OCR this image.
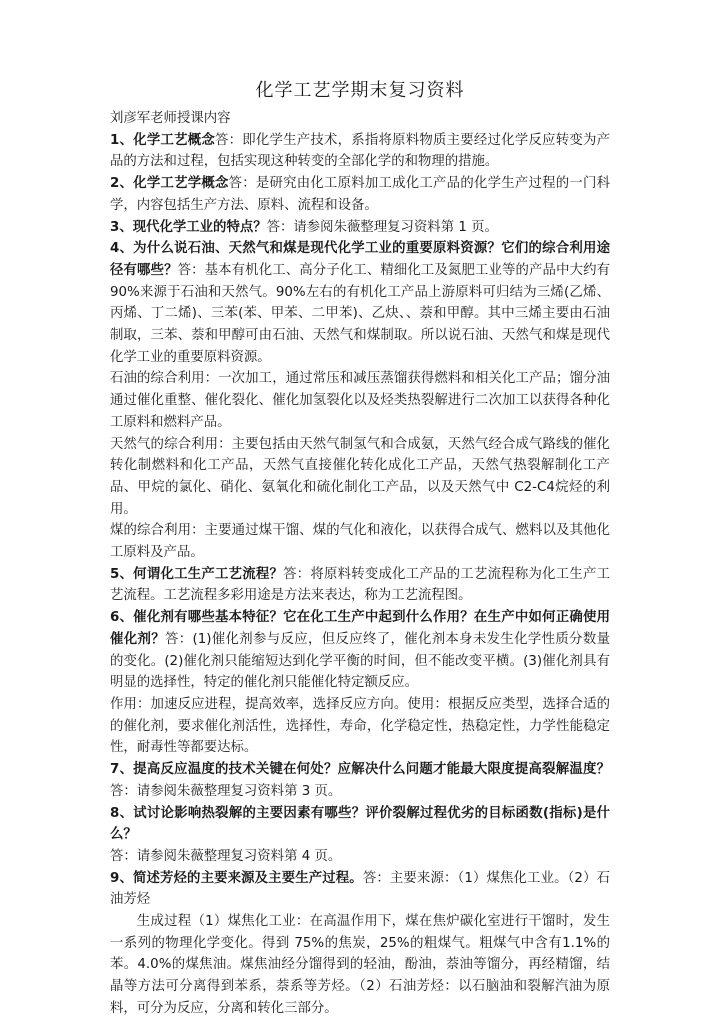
化学工艺学期末复习资料

刘彦军老师授课内容

1、化学工艺概念答：即化学生产技术，系指将原料物质主要经过化学反应转变为产品的方法和过程，包括实现这种转变的全部化学的和物理的措施。

2、化学工艺学概念答：是研究由化工原料加工成化工产品的化学生产过程的一门科学，内容包括生产方法、原料、流程和设备。

3、现代化学工业的特点？答：请参阅朱薇整理复习资料第 1 页。

4、为什么说石油、天然气和煤是现代化学工业的重要原料资源？它们的综合利用途径有哪些？答：基本有机化工、高分子化工、精细化工及氮肥工业等的产品中大约有 90%来源于石油和天然气。90%左右的有机化工产品上游原料可归结为三烯(乙烯、丙烯、丁二烯)、三苯(苯、甲苯、二甲苯)、乙炔、、萘和甲醇。其中三烯主要由石油制取，三苯、萘和甲醇可由石油、天然气和煤制取。所以说石油、天然气和煤是现代化学工业的重要原料资源。

石油的综合利用：一次加工，通过常压和减压蒸馏获得燃料和相关化工产品；馏分油通过催化重整、催化裂化、催化加氢裂化以及烃类热裂解进行二次加工以获得各种化工原料和燃料产品。

天然气的综合利用：主要包括由天然气制氢气和合成氨，天然气经合成气路线的催化转化制燃料和化工产品，天然气直接催化转化成化工产品，天然气热裂解制化工产品、甲烷的氯化、硝化、氨氧化和硫化制化工产品，以及天然气中 C2-C4烷烃的利用。

煤的综合利用：主要通过煤干馏、煤的气化和液化，以获得合成气、燃料以及其他化工原料及产品。

5、何谓化工生产工艺流程？答：将原料转变成化工产品的工艺流程称为化工生产工艺流程。工艺流程多彩用途是方法来表达，称为工艺流程图。

6、催化剂有哪些基本特征？它在化工生产中起到什么作用？在生产中如何正确使用催化剂？答：(1)催化剂参与反应，但反应终了，催化剂本身未发生化学性质分数量的变化。(2)催化剂只能缩短达到化学平衡的时间，但不能改变平横。(3)催化剂具有明显的选择性，特定的催化剂只能催化特定额反应。

作用：加速反应进程，提高效率，选择反应方向。使用：根据反应类型，选择合适的的催化剂，要求催化剂活性，选择性，寿命，化学稳定性，热稳定性，力学性能稳定性，耐毒性等都要达标。

7、提高反应温度的技术关键在何处？应解决什么问题才能最大限度提高裂解温度？答：请参阅朱薇整理复习资料第 3 页。

8、试讨论影响热裂解的主要因素有哪些？评价裂解过程优劣的目标函数(指标)是什么？

答：请参阅朱薇整理复习资料第 4 页。

9、简述芳烃的主要来源及主要生产过程。答：主要来源：（1）煤焦化工业。（2）石油芳烃

生成过程（1）煤焦化工业：在高温作用下，煤在焦炉碳化室进行干馏时，发生一系列的物理化学变化。得到 75%的焦炭，25%的粗煤气。粗煤气中含有1.1%的苯。4.0%的煤焦油。煤焦油经分馏得到的轻油，酚油，萘油等馏分，再经精馏，结晶等方法可分离得到苯系，萘系等芳烃。（2）石油芳烃：以石脑油和裂解汽油为原料，可分为反应，分离和转化三部分。
